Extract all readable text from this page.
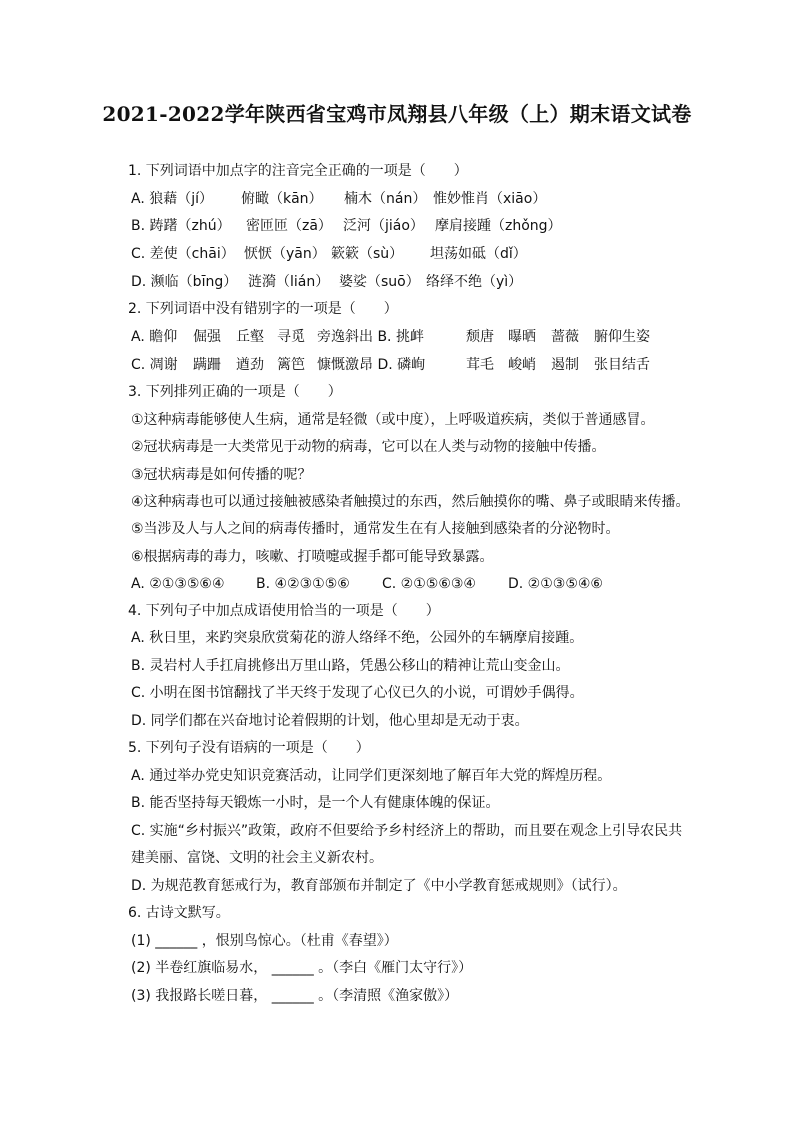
2021-2022学年陕西省宝鸡市凤翔县八年级（上）期末语文试卷
1. 下列词语中加点字的注音完全正确的一项是（　　）
A. 狼藉（jí） 俯瞰（kān） 楠木（nán） 惟妙惟肖（xiāo）
B. 踌躇（zhú） 密匝匝（zā） 泛河（jiáo） 摩肩接踵（zhǒng）
C. 差使（chāi） 恹恹（yān） 簌簌（sù） 坦荡如砥（dǐ）
D. 濒临（bīng） 涟漪（lián） 婆娑（suō） 络绎不绝（yì）
2. 下列词语中没有错别字的一项是（　　）
A. 瞻仰 倔强 丘壑 寻觅 旁逸斜出 B. 挑衅	颓唐 曝晒 蔷薇 腑仰生姿
C. 凋谢 蹒跚 遒劲 篱笆 慷慨激昂 D. 磷峋	茸毛 峻峭 遏制 张目结舌
3. 下列排列正确的一项是（　　）
①这种病毒能够使人生病，通常是轻微（或中度），上呼吸道疾病，类似于普通感冒。
②冠状病毒是一大类常见于动物的病毒，它可以在人类与动物的接触中传播。
③冠状病毒是如何传播的呢？
④这种病毒也可以通过接触被感染者触摸过的东西，然后触摸你的嘴、鼻子或眼睛来传播。
⑤当涉及人与人之间的病毒传播时，通常发生在有人接触到感染者的分泌物时。
⑥根据病毒的毒力，咳嗽、打喷嚏或握手都可能导致暴露。
A. ②①③⑤⑥④ B. ④②③①⑤⑥ C. ②①⑤⑥③④ D. ②①③⑤④⑥
4. 下列句子中加点成语使用恰当的一项是（　　）
A. 秋日里，来趵突泉欣赏菊花的游人络绎不绝，公园外的车辆摩肩接踵。
B. 灵岩村人手扛肩挑修出万里山路，凭愚公移山的精神让荒山变金山。
C. 小明在图书馆翻找了半天终于发现了心仪已久的小说，可谓妙手偶得。
D. 同学们都在兴奋地讨论着假期的计划，他心里却是无动于衷。
5. 下列句子没有语病的一项是（　　）
A. 通过举办党史知识竞赛活动，让同学们更深刻地了解百年大党的辉煌历程。
B. 能否坚持每天锻炼一小时，是一个人有健康体魄的保证。
C. 实施“乡村振兴”政策，政府不但要给予乡村经济上的帮助，而且要在观念上引导农民共
建美丽、富饶、文明的社会主义新农村。
D. 为规范教育惩戒行为，教育部颁布并制定了《中小学教育惩戒规则》（试行）。
6. 古诗文默写。
(1) ______ ，恨别鸟惊心。（杜甫《春望》）
(2) 半卷红旗临易水， ______ 。（李白《雁门太守行》）
(3) 我报路长嗟日暮， ______ 。（李清照《渔家傲》）
